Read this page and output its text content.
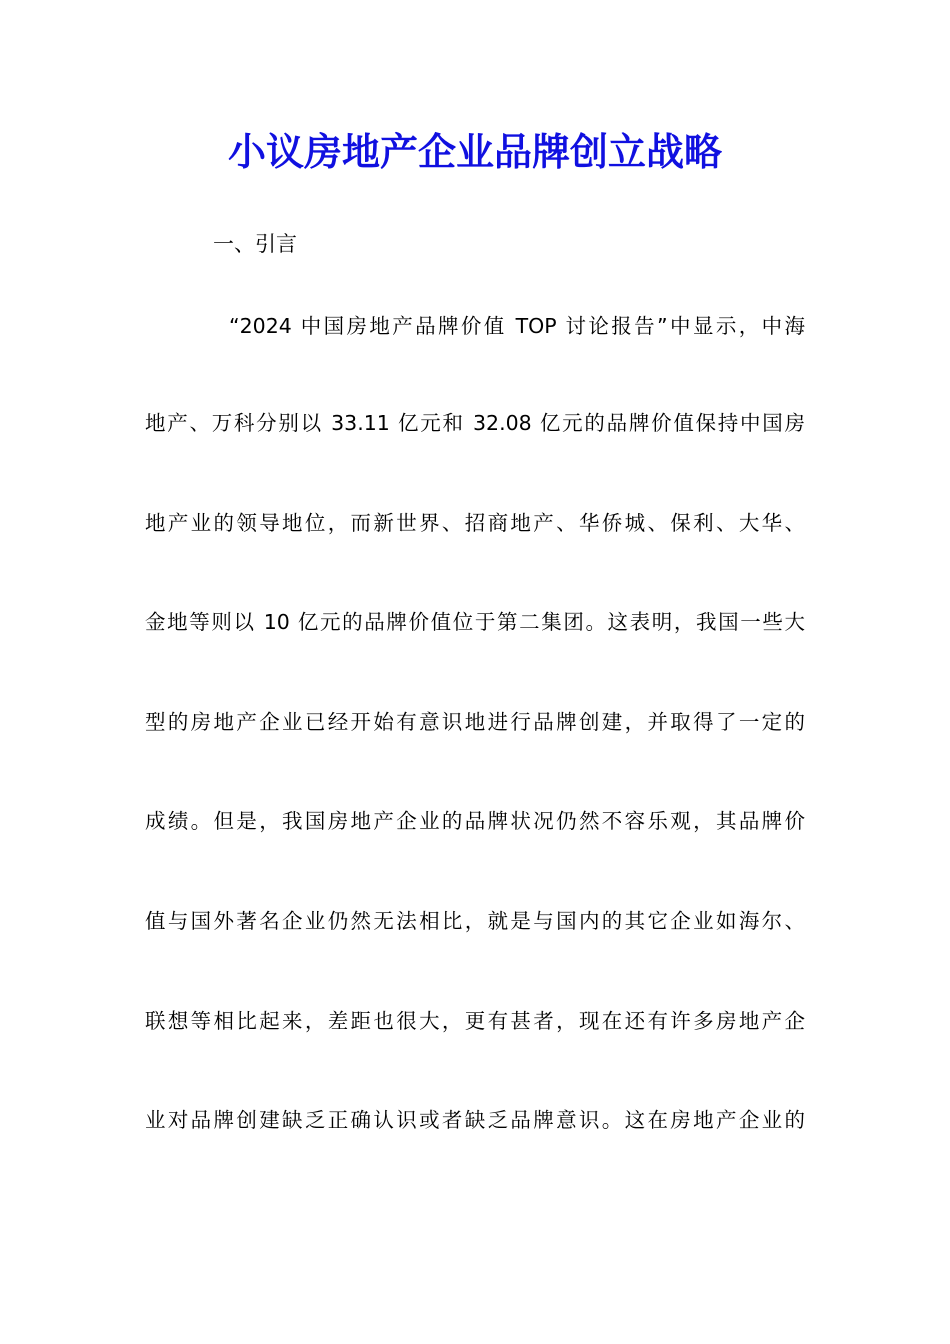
小议房地产企业品牌创立战略
一、引言
“2024 中国房地产品牌价值 TOP 讨论报告”中显示，中海
地产、万科分别以 33.11 亿元和 32.08 亿元的品牌价值保持中国房
地产业的领导地位，而新世界、招商地产、华侨城、保利、大华、
金地等则以 10 亿元的品牌价值位于第二集团。这表明，我国一些大
型的房地产企业已经开始有意识地进行品牌创建，并取得了一定的
成绩。但是，我国房地产企业的品牌状况仍然不容乐观，其品牌价
值与国外著名企业仍然无法相比，就是与国内的其它企业如海尔、
联想等相比起来，差距也很大，更有甚者，现在还有许多房地产企
业对品牌创建缺乏正确认识或者缺乏品牌意识。这在房地产企业的
